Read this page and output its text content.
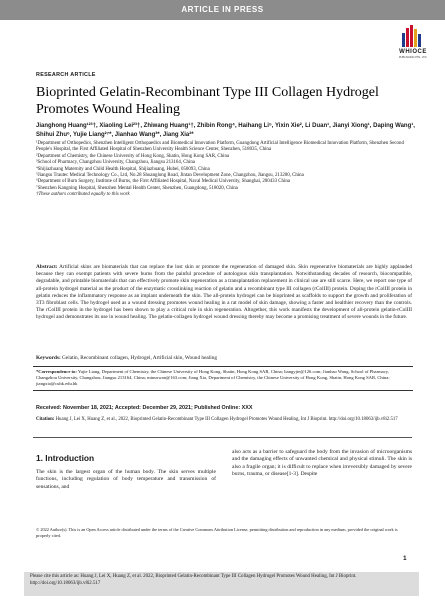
ARTICLE IN PRESS
WHIOCE
PUBLISHING PTE. LTD.
RESEARCH ARTICLE
Bioprinted Gelatin-Recombinant Type III Collagen Hydrogel Promotes Wound Healing
Jianghong Huang¹²³†, Xiaoling Lei²³†, Zhiwang Huang¹†, Zhibin Rong⁴, Haihang Li⁵, Yixin Xie², Li Duan¹, Jianyi Xiong¹, Daping Wang¹, Shihui Zhu⁶, Yujie Liang²⁷*, Jianhao Wang³*, Jiang Xia²*
¹Department of Orthopedics, Shenzhen Intelligent Orthopaedics and Biomedical Innovation Platform, Guangdong Artificial Intelligence Biomedical Innovation Platform, Shenzhen Second People's Hospital, the First Affiliated Hospital of Shenzhen University Health Science Center, Shenzhen, 518035, China
²Department of Chemistry, the Chinese University of Hong Kong, Shatin, Hong Kong SAR, China
³School of Pharmacy, Changzhou University, Changzhou, Jiangsu 213164, China
⁴Shijiazhuang Maternity and Child Health Hospital, Shijiazhuang, Hubei, 050093, China
⁵Jiangsu Trautec Medical Technology Co., Ltd, No.28 Shuanglong Road, Jintan Development Zone, Changzhou, Jiangsu, 213200, China
⁶Department of Burn Surgery, Institute of Burns, the First Affiliated Hospital, Naval Medical University, Shanghai, 200433 China
⁷Shenzhen Kangning Hospital, Shenzhen Mental Health Center, Shenzhen, Guangdong, 518020, China
†These authors contributed equally to this work
Abstract: Artificial skins are biomaterials that can replace the lost skin or promote the regeneration of damaged skin. Skin regenerative biomaterials are highly applauded because they can exempt patients with severe burns from the painful procedure of autologous skin transplantation. Notwithstanding decades of research, biocompatible, degradable, and printable biomaterials that can effectively promote skin regeneration as a transplantation replacement in clinical use are still scarce. Here, we report one type of all-protein hydrogel material as the product of the enzymatic crosslinking reaction of gelatin and a recombinant type III collagen (rColIII) protein. Doping the rColIII protein in gelatin reduces the inflammatory response as an implant underneath the skin. The all-protein hydrogel can be bioprinted as scaffolds to support the growth and proliferation of 3T3 fibroblast cells. The hydrogel used as a wound dressing promotes wound healing in a rat model of skin damage, showing a faster and healthier recovery than the controls. The rColIII protein in the hydrogel has been shown to play a critical role in skin regeneration. Altogether, this work manifests the development of all-protein gelatin-rColIII hydrogel and demonstrates its use in wound healing. The gelatin-collagen hydrogel wound dressing thereby may become a promising treatment of severe wounds in the future.
Keywords: Gelatin, Recombinant collagen, Hydrogel, Artificial skin, Wound healing
*Correspondence to: Yujie Liang, Department of Chemistry, the Chinese University of Hong Kong, Shatin, Hong Kong SAR, China; liangyjie@126.com; Jianhao Wang, School of Pharmacy, Changzhou University, Changzhou, Jiangsu 213164, China; minuswan@163.com; Jiang Xia, Department of Chemistry, the Chinese University of Hong Kong, Shatin, Hong Kong SAR, China; jiangxia@cuhk.edu.hk
Received: November 18, 2021; Accepted: December 29, 2021; Published Online: XXX
Citation: Huang J, Lei X, Huang Z, et al., 2022, Bioprinted Gelatin-Recombinant Type III Collagen Hydrogel Promotes Wound Healing, Int J Bioprint. http://doi.org/10.18063/ijb.v8i2.517
1. Introduction
The skin is the largest organ of the human body. The skin serves multiple functions, including regulation of body temperature and transmission of sensations, and
also acts as a barrier to safeguard the body from the invasion of microorganisms and the damaging effects of unwanted chemical and physical stimuli. The skin is also a fragile organ; it is difficult to replace when irreversibly damaged by severe burns, trauma, or disease[1-3]. Despite
© 2022 Author(s). This is an Open Access article distributed under the terms of the Creative Commons Attribution License, permitting distribution and reproduction in any medium, provided the original work is properly cited.
1
Please cite this article as: Huang J, Lei X, Huang Z, et al. 2022, Bioprinted Gelatin-Recombinant Type III Collagen Hydrogel Promotes Wound Healing, Int J Bioprint. http://doi.org/10.18063/ijb.v8i2.517
